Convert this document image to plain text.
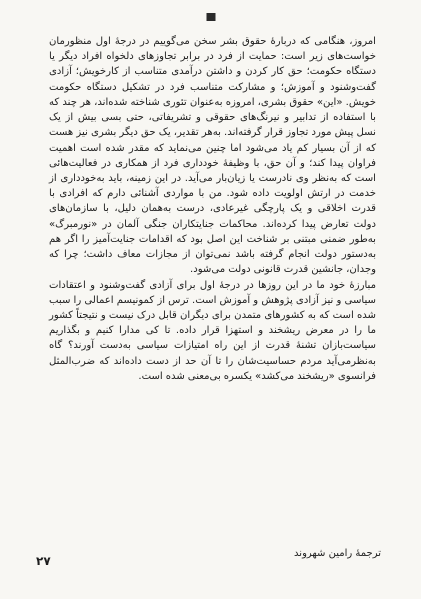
امروز، هنگامی که دربارهٔ حقوق بشر سخن می‌گوییم در درجهٔ اول منظورمان خواست‌های زیر است: حمایت از فرد در برابر تجاوزهای دلخواه افراد دیگر یا دستگاه حکومت؛ حق کار کردن و داشتن درآمدی متناسب از کارخویش؛ آزادی گفت‌وشنود و آموزش؛ و مشارکت متناسب فرد در تشکیل دستگاه حکومت خویش. «این» حقوق بشری، امروزه به‌عنوان تئوری شناخته شده‌اند، هر چند که با استفاده از تدابیر و نیرنگ‌های حقوقی و تشریفاتی، حتی بسی بیش از یک نسل پیش مورد تجاوز قرار گرفته‌اند. به‌هر تقدیر، یک حق دیگر بشری نیز هست که از آن بسیار کم یاد می‌شود اما چنین می‌نماید که مقدر شده است اهمیت فراوان پیدا کند؛ و آن حق، با وظیفهٔ خودداری فرد از همکاری در فعالیت‌هائی است که به‌نظر وی نادرست یا زیان‌بار می‌آید. در این زمینه، باید به‌خودداری از خدمت در ارتش اولویت داده شود. من با مواردی آشنائی دارم که افرادی با قدرت اخلاقی و یک پارچگی غیرعادی، درست به‌همان دلیل، با سازمان‌های دولت تعارض پیدا کرده‌اند. محاکمات جنایتکاران جنگی آلمان در «نورمبرگ» به‌طور ضمنی مبتنی بر شناخت این اصل بود که اقدامات جنایت‌آمیز را اگر هم به‌دستور دولت انجام گرفته باشد نمی‌توان از مجازات معاف داشت؛ چرا که وجدان، جانشین قدرت قانونی دولت می‌شود.

مبارزهٔ خود ما در این روزها در درجهٔ اول برای آزادی گفت‌وشنود و اعتقادات سیاسی و نیز آزادی پژوهش و آموزش است. ترس از کمونیسم اعمالی را سبب شده است که به کشورهای متمدن برای دیگران قابل درک نیست و نتیجتاً کشور ما را در معرض ریشخند و استهزا قرار داده. تا کی مدارا کنیم و بگذاریم سیاست‌بازان تشنهٔ قدرت از این راه امتیازات سیاسی به‌دست آورند؟ گاه به‌نظرمی‌آید مردم حساسیت‌شان را تا آن حد از دست داده‌اند که ضرب‌المثل فرانسوی «ریشخند می‌کشد» یکسره بی‌معنی شده است.

ترجمهٔ رامین شهروند
۲۷
